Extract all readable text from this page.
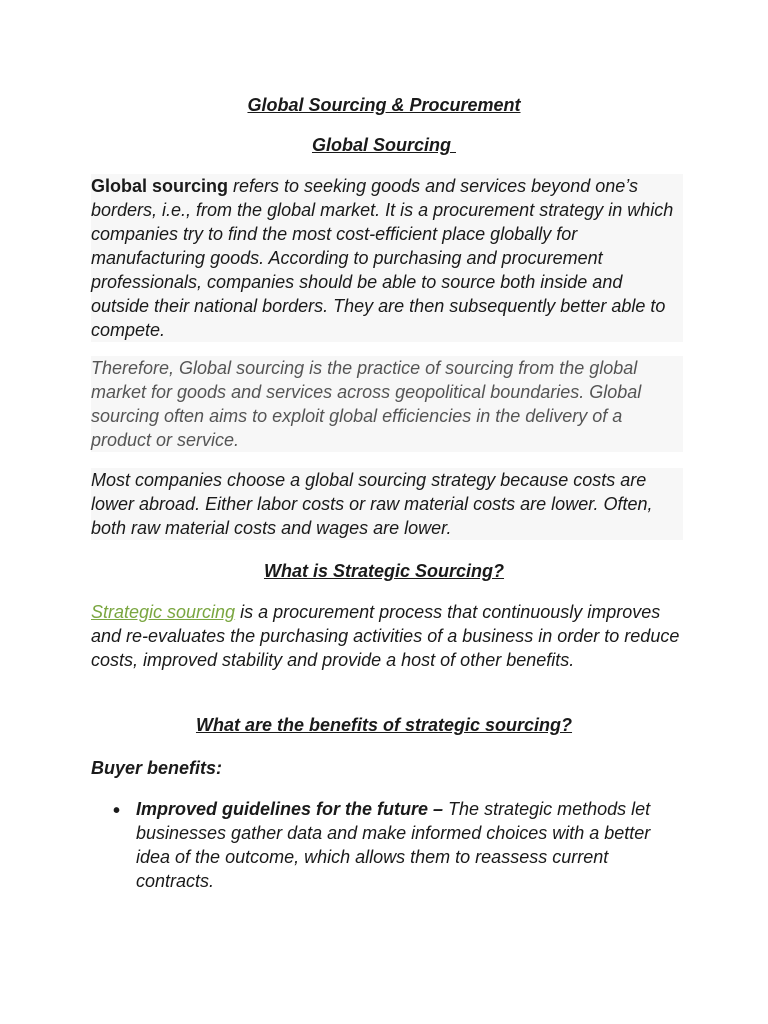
Global Sourcing & Procurement
Global Sourcing

Global sourcing refers to seeking goods and services beyond one’s borders, i.e., from the global market. It is a procurement strategy in which companies try to find the most cost-efficient place globally for manufacturing goods. According to purchasing and procurement professionals, companies should be able to source both inside and outside their national borders. They are then subsequently better able to compete.

Therefore, Global sourcing is the practice of sourcing from the global market for goods and services across geopolitical boundaries. Global sourcing often aims to exploit global efficiencies in the delivery of a product or service.

Most companies choose a global sourcing strategy because costs are lower abroad. Either labor costs or raw material costs are lower. Often, both raw material costs and wages are lower.

What is Strategic Sourcing?

Strategic sourcing is a procurement process that continuously improves and re-evaluates the purchasing activities of a business in order to reduce costs, improved stability and provide a host of other benefits.

What are the benefits of strategic sourcing?
Buyer benefits:
• Improved guidelines for the future – The strategic methods let businesses gather data and make informed choices with a better idea of the outcome, which allows them to reassess current contracts.
